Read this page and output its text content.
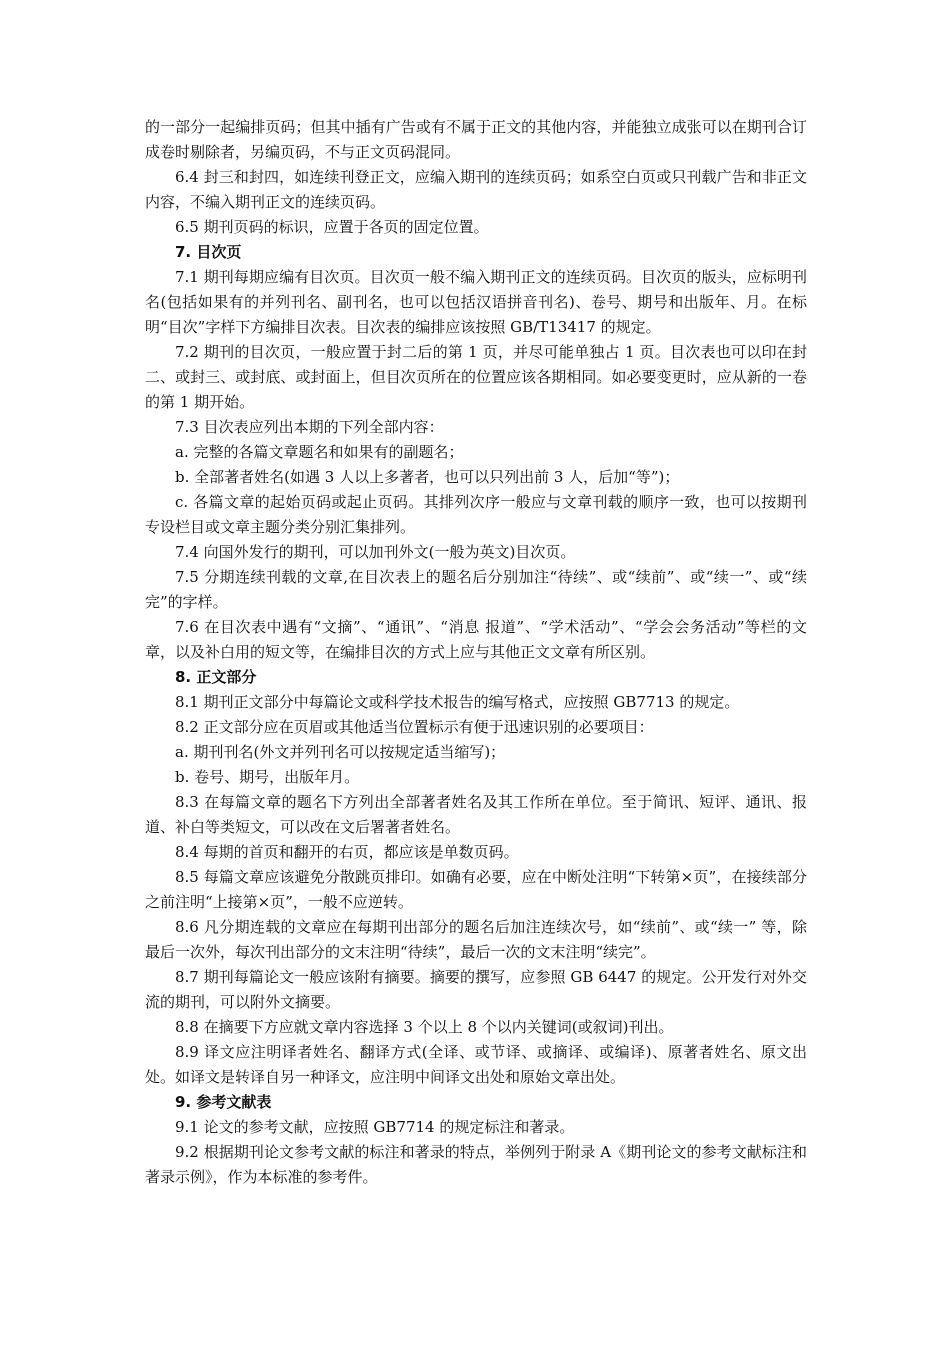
的一部分一起编排页码；但其中插有广告或有不属于正文的其他内容，并能独立成张可以在期刊合订成卷时剔除者，另编页码，不与正文页码混同。

6.4 封三和封四，如连续刊登正文，应编入期刊的连续页码；如系空白页或只刊载广告和非正文内容，不编入期刊正文的连续页码。

6.5 期刊页码的标识，应置于各页的固定位置。

7. 目次页

7.1 期刊每期应编有目次页。目次页一般不编入期刊正文的连续页码。目次页的版头，应标明刊名(包括如果有的并列刊名、副刊名，也可以包括汉语拼音刊名)、卷号、期号和出版年、月。在标明“目次”字样下方编排目次表。目次表的编排应该按照 GB/T13417 的规定。

7.2 期刊的目次页，一般应置于封二后的第 1 页，并尽可能单独占 1 页。目次表也可以印在封二、或封三、或封底、或封面上，但目次页所在的位置应该各期相同。如必要变更时，应从新的一卷的第 1 期开始。

7.3 目次表应列出本期的下列全部内容：

a. 完整的各篇文章题名和如果有的副题名；

b. 全部著者姓名(如遇 3 人以上多著者，也可以只列出前 3 人，后加“等”)；

c. 各篇文章的起始页码或起止页码。其排列次序一般应与文章刊载的顺序一致，也可以按期刊专设栏目或文章主题分类分别汇集排列。

7.4 向国外发行的期刊，可以加刊外文(一般为英文)目次页。

7.5 分期连续刊载的文章,在目次表上的题名后分别加注“待续”、或“续前”、或“续一”、或“续完”的字样。

7.6 在目次表中遇有“文摘”、“通讯”、“消息 报道”、“学术活动”、“学会会务活动”等栏的文章，以及补白用的短文等，在编排目次的方式上应与其他正文文章有所区别。

8. 正文部分

8.1 期刊正文部分中每篇论文或科学技术报告的编写格式，应按照 GB7713 的规定。

8.2 正文部分应在页眉或其他适当位置标示有便于迅速识别的必要项目：

a. 期刊刊名(外文并列刊名可以按规定适当缩写)；

b. 卷号、期号，出版年月。

8.3 在每篇文章的题名下方列出全部著者姓名及其工作所在单位。至于简讯、短评、通讯、报道、补白等类短文，可以改在文后署著者姓名。

8.4 每期的首页和翻开的右页，都应该是单数页码。

8.5 每篇文章应该避免分散跳页排印。如确有必要，应在中断处注明“下转第×页”，在接续部分之前注明“上接第×页”，一般不应逆转。

8.6 凡分期连载的文章应在每期刊出部分的题名后加注连续次号，如“续前”、或“续一” 等，除最后一次外，每次刊出部分的文末注明“待续”，最后一次的文末注明“续完”。

8.7 期刊每篇论文一般应该附有摘要。摘要的撰写，应参照 GB 6447 的规定。公开发行对外交流的期刊，可以附外文摘要。

8.8 在摘要下方应就文章内容选择 3 个以上 8 个以内关键词(或叙词)刊出。

8.9 译文应注明译者姓名、翻译方式(全译、或节译、或摘译、或编译)、原著者姓名、原文出处。如译文是转译自另一种译文，应注明中间译文出处和原始文章出处。

9. 参考文献表

9.1 论文的参考文献，应按照 GB7714 的规定标注和著录。

9.2 根据期刊论文参考文献的标注和著录的特点，举例列于附录 A《期刊论文的参考文献标注和著录示例》，作为本标准的参考件。
